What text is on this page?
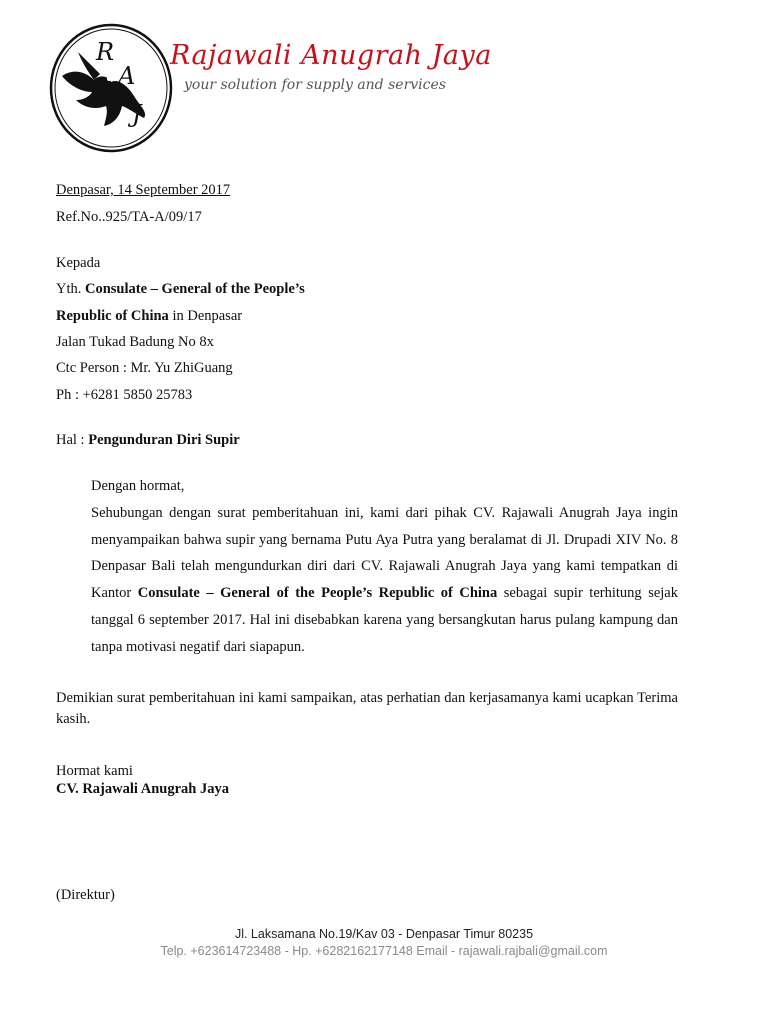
R
A
J
Rajawali Anugrah Jaya
your solution for supply and services
Denpasar, 14 September 2017
Ref.No..925/TA-A/09/17
Kepada
Yth. Consulate – General of the People’s
Republic of China in Denpasar
Jalan Tukad Badung No 8x
Ctc Person : Mr. Yu ZhiGuang
Ph : +6281 5850 25783
Hal : Pengunduran Diri Supir
Dengan hormat,
Sehubungan dengan surat pemberitahuan ini, kami dari pihak CV. Rajawali Anugrah Jaya ingin menyampaikan bahwa supir yang bernama Putu Aya Putra yang beralamat di Jl. Drupadi XIV No. 8 Denpasar Bali telah mengundurkan diri dari CV. Rajawali Anugrah Jaya yang kami tempatkan di Kantor Consulate – General of the People’s Republic of China sebagai supir terhitung sejak tanggal 6 september 2017. Hal ini disebabkan karena yang bersangkutan harus pulang kampung dan tanpa motivasi negatif dari siapapun.
Demikian surat pemberitahuan ini kami sampaikan, atas perhatian dan kerjasamanya kami ucapkan Terima kasih.
Hormat kami
CV. Rajawali Anugrah Jaya
(Direktur)
Jl. Laksamana No.19/Kav 03 - Denpasar Timur 80235
Telp. +623614723488 - Hp. +6282162177148 Email - rajawali.rajbali@gmail.com
